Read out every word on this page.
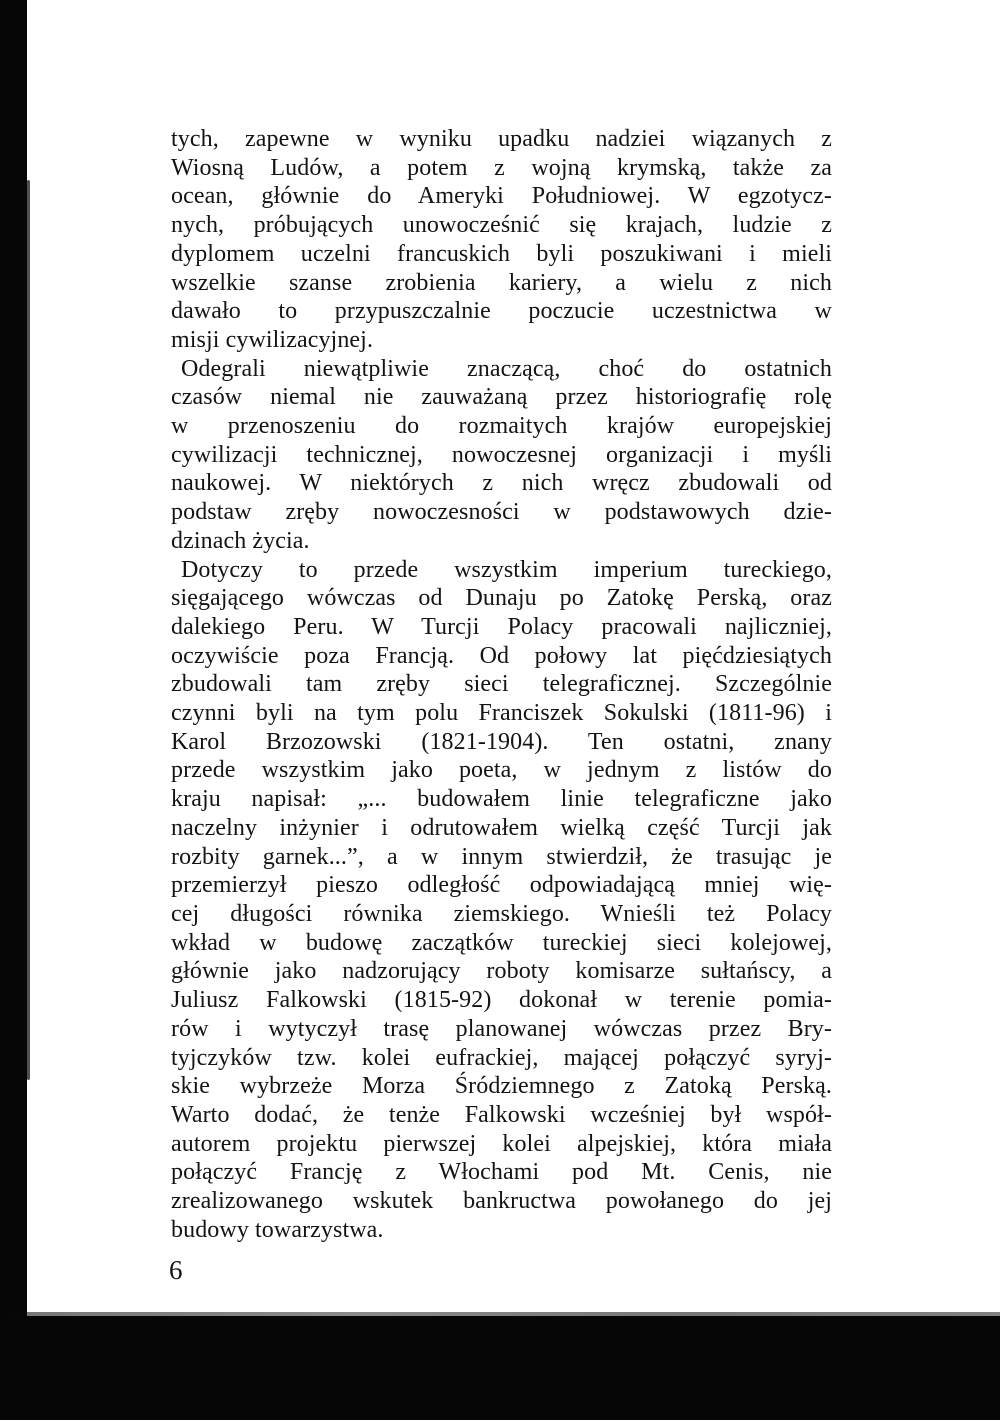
tych, zapewne w wyniku upadku nadziei wiązanych z
Wiosną Ludów, a potem z wojną krymską, także za
ocean, głównie do Ameryki Południowej. W egzotycz-
nych, próbujących unowocześnić się krajach, ludzie z
dyplomem uczelni francuskich byli poszukiwani i mieli
wszelkie szanse zrobienia kariery, a wielu z nich
dawało to przypuszczalnie poczucie uczestnictwa w
misji cywilizacyjnej.
Odegrali niewątpliwie znaczącą, choć do ostatnich
czasów niemal nie zauważaną przez historiografię rolę
w przenoszeniu do rozmaitych krajów europejskiej
cywilizacji technicznej, nowoczesnej organizacji i myśli
naukowej. W niektórych z nich wręcz zbudowali od
podstaw zręby nowoczesności w podstawowych dzie-
dzinach życia.
Dotyczy to przede wszystkim imperium tureckiego,
sięgającego wówczas od Dunaju po Zatokę Perską, oraz
dalekiego Peru. W Turcji Polacy pracowali najliczniej,
oczywiście poza Francją. Od połowy lat pięćdziesiątych
zbudowali tam zręby sieci telegraficznej. Szczególnie
czynni byli na tym polu Franciszek Sokulski (1811-96) i
Karol Brzozowski (1821-1904). Ten ostatni, znany
przede wszystkim jako poeta, w jednym z listów do
kraju napisał: „... budowałem linie telegraficzne jako
naczelny inżynier i odrutowałem wielką część Turcji jak
rozbity garnek...”, a w innym stwierdził, że trasując je
przemierzył pieszo odległość odpowiadającą mniej wię-
cej długości równika ziemskiego. Wnieśli też Polacy
wkład w budowę zaczątków tureckiej sieci kolejowej,
głównie jako nadzorujący roboty komisarze sułtańscy, a
Juliusz Falkowski (1815-92) dokonał w terenie pomia-
rów i wytyczył trasę planowanej wówczas przez Bry-
tyjczyków tzw. kolei eufrackiej, mającej połączyć syryj-
skie wybrzeże Morza Śródziemnego z Zatoką Perską.
Warto dodać, że tenże Falkowski wcześniej był współ-
autorem projektu pierwszej kolei alpejskiej, która miała
połączyć Francję z Włochami pod Mt. Cenis, nie
zrealizowanego wskutek bankructwa powołanego do jej
budowy towarzystwa.
6
